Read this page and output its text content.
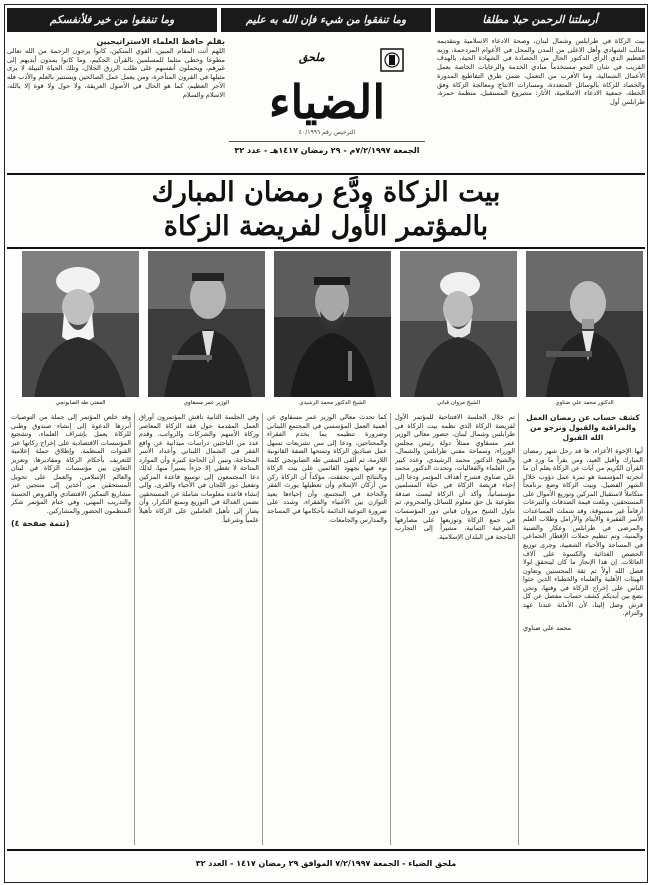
أرسلتنا الرحمن حبلا مطلقا
وما تنفقوا من شيء فإن الله به عليم
وما تنفقوا من خير فلأنفسكم
بيت الزكاة في طرابلس وشمال لبنان، وصحة الادعاء الاسلامية وبتقديمه مثالب الشهادي وأهل الاعلى من المدن والمحل في الأعوام المزدحمة، وربه العظيم الدي الرأي الدكتور الحال من الحصادة في الشهادة الحية، بالهدف القريب في شان النحو مستخدماً مبادي الخدمة والرعايات الخاصة بعمل الأعمال الشمالية، وما الأقرب من التعمل، ضمن طرق التقاطيع المدورة والحصاد للزكاة بالوسائل المتعددة، ومسارات الانتاج ومعالجة الزكاة وفق الخطة، جمعية الادعاء الاسلامية، الأثار: مشروع المستقبل، منظمة حمزة، طرابلس أول
ملحق
الضياء
الترخيص رقم ٤٠/١٩٩٦
الجمعة ٧/٢/١٩٩٧م - ٢٩ رمضان ١٤١٧هـ - عدد ٣٢
بقلم حافظ العلماء الاستراتيجيين
اللهم أنت المقام المبين، القوي المتكين، كانوا يرجون الرحمة من الله تعالى مطوعا وخطى مثلما للمسلمين بالقرآن الحكيم، وما كانوا يمدون أيديهم إلى غيرهم، ويحملون أنفسهم على طلب الرزق الحلال، وتلك الحياة النبيلة لا يرى مثيلها في القرون المتأخرة، ومن يعمل عمل الصالحين ويستنير بالعلم والأدب فله الأجر العظيم، كما هو الحال في الأصول العريقة، ولا حول ولا قوة إلا بالله، الاسلام والسلام
بيت الزكاة ودَّع رمضان المبارك
بالمؤتمر الأول لفريضة الزكاة
الدكتور محمد علي ضناوي
الشيخ مروان قباني
الشيخ الدكتور محمد الرشيدي
الوزير عمر مسقاوي
المفتي طه الصابونجي
كشف حساب عن رمضان العمل والمراقبة والقبول ونرجو من الله القبول

أيها الإخوة الأعزاء، ها قد رحل شهر رمضان المبارك وأقبل العيد، ومن يقرأ ما ورد في القرآن الكريم من آيات عن الزكاة يعلم أن ما أنجزته المؤسسة هو ثمرة عمل دؤوب خلال الشهر الفضيل، وبيت الزكاة وضع برنامجاً متكاملاً لاستقبال المزكين وتوزيع الأموال على المستحقين، وبلغت قيمة الصدقات والتبرعات أرقاماً غير مسبوقة، وقد شملت المساعدات الأسر الفقيرة والأيتام والأرامل وطلاب العلم والمرضى في طرابلس وعكار والضنية والمنية، وتم تنظيم حملات الإفطار الجماعي في المساجد والأحياء الشعبية، وجرى توزيع الحصص الغذائية والكسوة على آلاف العائلات. إن هذا الإنجاز ما كان ليتحقق لولا فضل الله أولاً ثم ثقة المحسنين وتعاون الهيئات الأهلية والعلماء والخطباء الذين حثوا الناس على إخراج الزكاة في وقتها، ونحن نضع بين أيديكم كشف حساب مفصل عن كل قرش وصل إلينا، لأن الأمانة عندنا عهد والتزام.

محمد علي ضناوي

تم خلال الجلسة الافتتاحية للمؤتمر الأول لفريضة الزكاة الذي نظمه بيت الزكاة في طرابلس وشمال لبنان، حضور معالي الوزير عمر مسقاوي ممثلاً دولة رئيس مجلس الوزراء، وسماحة مفتي طرابلس والشمال، والشيخ الدكتور محمد الرشيدي، وعدد كبير من العلماء والفعاليات، وتحدث الدكتور محمد علي ضناوي فشرح أهداف المؤتمر ودعا إلى إحياء فريضة الزكاة في حياة المسلمين مؤسساتياً، وأكد أن الزكاة ليست صدقة تطوعية بل حق معلوم للسائل والمحروم، ثم تناول الشيخ مروان قباني دور المؤسسات في جمع الزكاة وتوزيعها على مصارفها الشرعية الثمانية، مشيراً إلى التجارب الناجحة في البلدان الإسلامية.

كما تحدث معالي الوزير عمر مسقاوي عن أهمية العمل المؤسسي في المجتمع اللبناني وضرورة تنظيمه بما يخدم الفقراء والمحتاجين، ودعا إلى سن تشريعات تسهل عمل صناديق الزكاة وتمنحها الصفة القانونية اللازمة، ثم ألقى المفتي طه الصابونجي كلمة نوه فيها بجهود القائمين على بيت الزكاة وبالنتائج التي تحققت، مؤكداً أن الزكاة ركن من أركان الإسلام وأن تعطيلها يورث الفقر والحاجة في المجتمع، وأن إحياءها يعيد التوازن بين الأغنياء والفقراء، وشدد على ضرورة التوعية الدائمة بأحكامها في المساجد والمدارس والجامعات.

وفي الجلسة الثانية ناقش المؤتمرون أوراق العمل المقدمة حول فقه الزكاة المعاصر وزكاة الأسهم والشركات والرواتب، وقدم عدد من الباحثين دراسات ميدانية عن واقع الفقر في الشمال اللبناني وأعداد الأسر المحتاجة، وتبين أن الحاجة كبيرة وأن الموارد المتاحة لا تغطي إلا جزءاً يسيراً منها، لذلك دعا المجتمعون إلى توسيع قاعدة المزكين وتفعيل دور اللجان في الأحياء والقرى، وإلى إنشاء قاعدة معلومات شاملة عن المستحقين تضمن العدالة في التوزيع وتمنع التكرار، وأن يصار إلى تأهيل العاملين على الزكاة تأهيلاً علمياً وشرعياً.

وقد خلص المؤتمر إلى جملة من التوصيات أبرزها الدعوة إلى إنشاء صندوق وطني للزكاة يعمل بإشراف العلماء، وتشجيع المؤسسات الاقتصادية على إخراج زكاتها عبر القنوات المنظمة، وإطلاق حملة إعلامية للتعريف بأحكام الزكاة ومقاديرها، وتعزيز التعاون بين مؤسسات الزكاة في لبنان والعالم الإسلامي، والعمل على تحويل المستحقين من آخذين إلى منتجين عبر مشاريع التمكين الاقتصادي والقروض الحسنة والتدريب المهني، وفي ختام المؤتمر شكر المنظمون الحضور والمشاركين.

(تتمة صفحة ٤)
ملحق الضياء - الجمعة ٧/٢/١٩٩٧ الموافق ٢٩ رمضان ١٤١٧ - العدد ٣٢
